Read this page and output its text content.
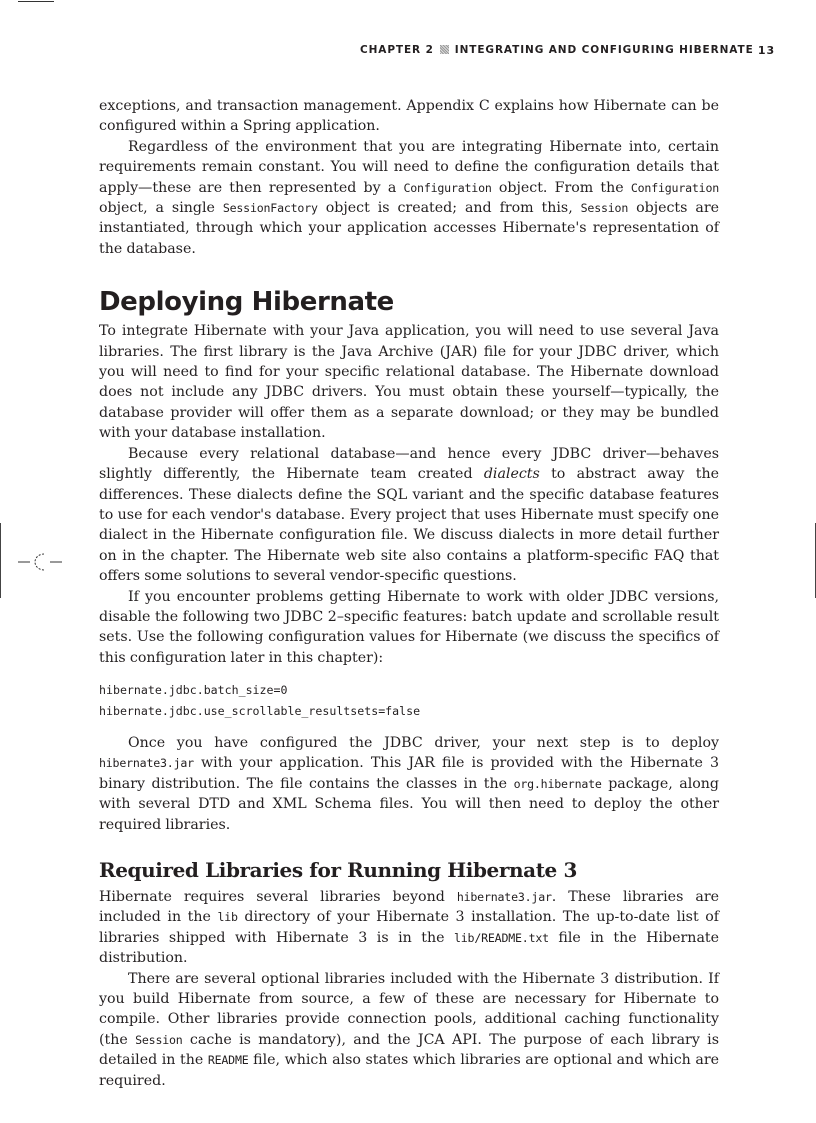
CHAPTER 2 INTEGRATING AND CONFIGURING HIBERNATE 13

exceptions, and transaction management. Appendix C explains how Hibernate can be configured within a Spring application.

Regardless of the environment that you are integrating Hibernate into, certain requirements remain constant. You will need to define the configuration details that apply—these are then represented by a Configuration object. From the Configuration object, a single SessionFactory object is created; and from this, Session objects are instantiated, through which your application accesses Hibernate's representation of the database.

Deploying Hibernate

To integrate Hibernate with your Java application, you will need to use several Java libraries. The first library is the Java Archive (JAR) file for your JDBC driver, which you will need to find for your specific relational database. The Hibernate download does not include any JDBC drivers. You must obtain these yourself—typically, the database provider will offer them as a separate download; or they may be bundled with your database installation.

Because every relational database—and hence every JDBC driver—behaves slightly differently, the Hibernate team created dialects to abstract away the differences. These dialects define the SQL variant and the specific database features to use for each vendor's database. Every project that uses Hibernate must specify one dialect in the Hibernate configuration file. We discuss dialects in more detail further on in the chapter. The Hibernate web site also contains a platform-specific FAQ that offers some solutions to several vendor-specific questions.

If you encounter problems getting Hibernate to work with older JDBC versions, disable the following two JDBC 2–specific features: batch update and scrollable result sets. Use the following configuration values for Hibernate (we discuss the specifics of this configuration later in this chapter):

hibernate.jdbc.batch_size=0
hibernate.jdbc.use_scrollable_resultsets=false

Once you have configured the JDBC driver, your next step is to deploy hibernate3.jar with your application. This JAR file is provided with the Hibernate 3 binary distribution. The file contains the classes in the org.hibernate package, along with several DTD and XML Schema files. You will then need to deploy the other required libraries.

Required Libraries for Running Hibernate 3

Hibernate requires several libraries beyond hibernate3.jar. These libraries are included in the lib directory of your Hibernate 3 installation. The up-to-date list of libraries shipped with Hibernate 3 is in the lib/README.txt file in the Hibernate distribution.

There are several optional libraries included with the Hibernate 3 distribution. If you build Hibernate from source, a few of these are necessary for Hibernate to compile. Other libraries provide connection pools, additional caching functionality (the Session cache is mandatory), and the JCA API. The purpose of each library is detailed in the README file, which also states which libraries are optional and which are required.
